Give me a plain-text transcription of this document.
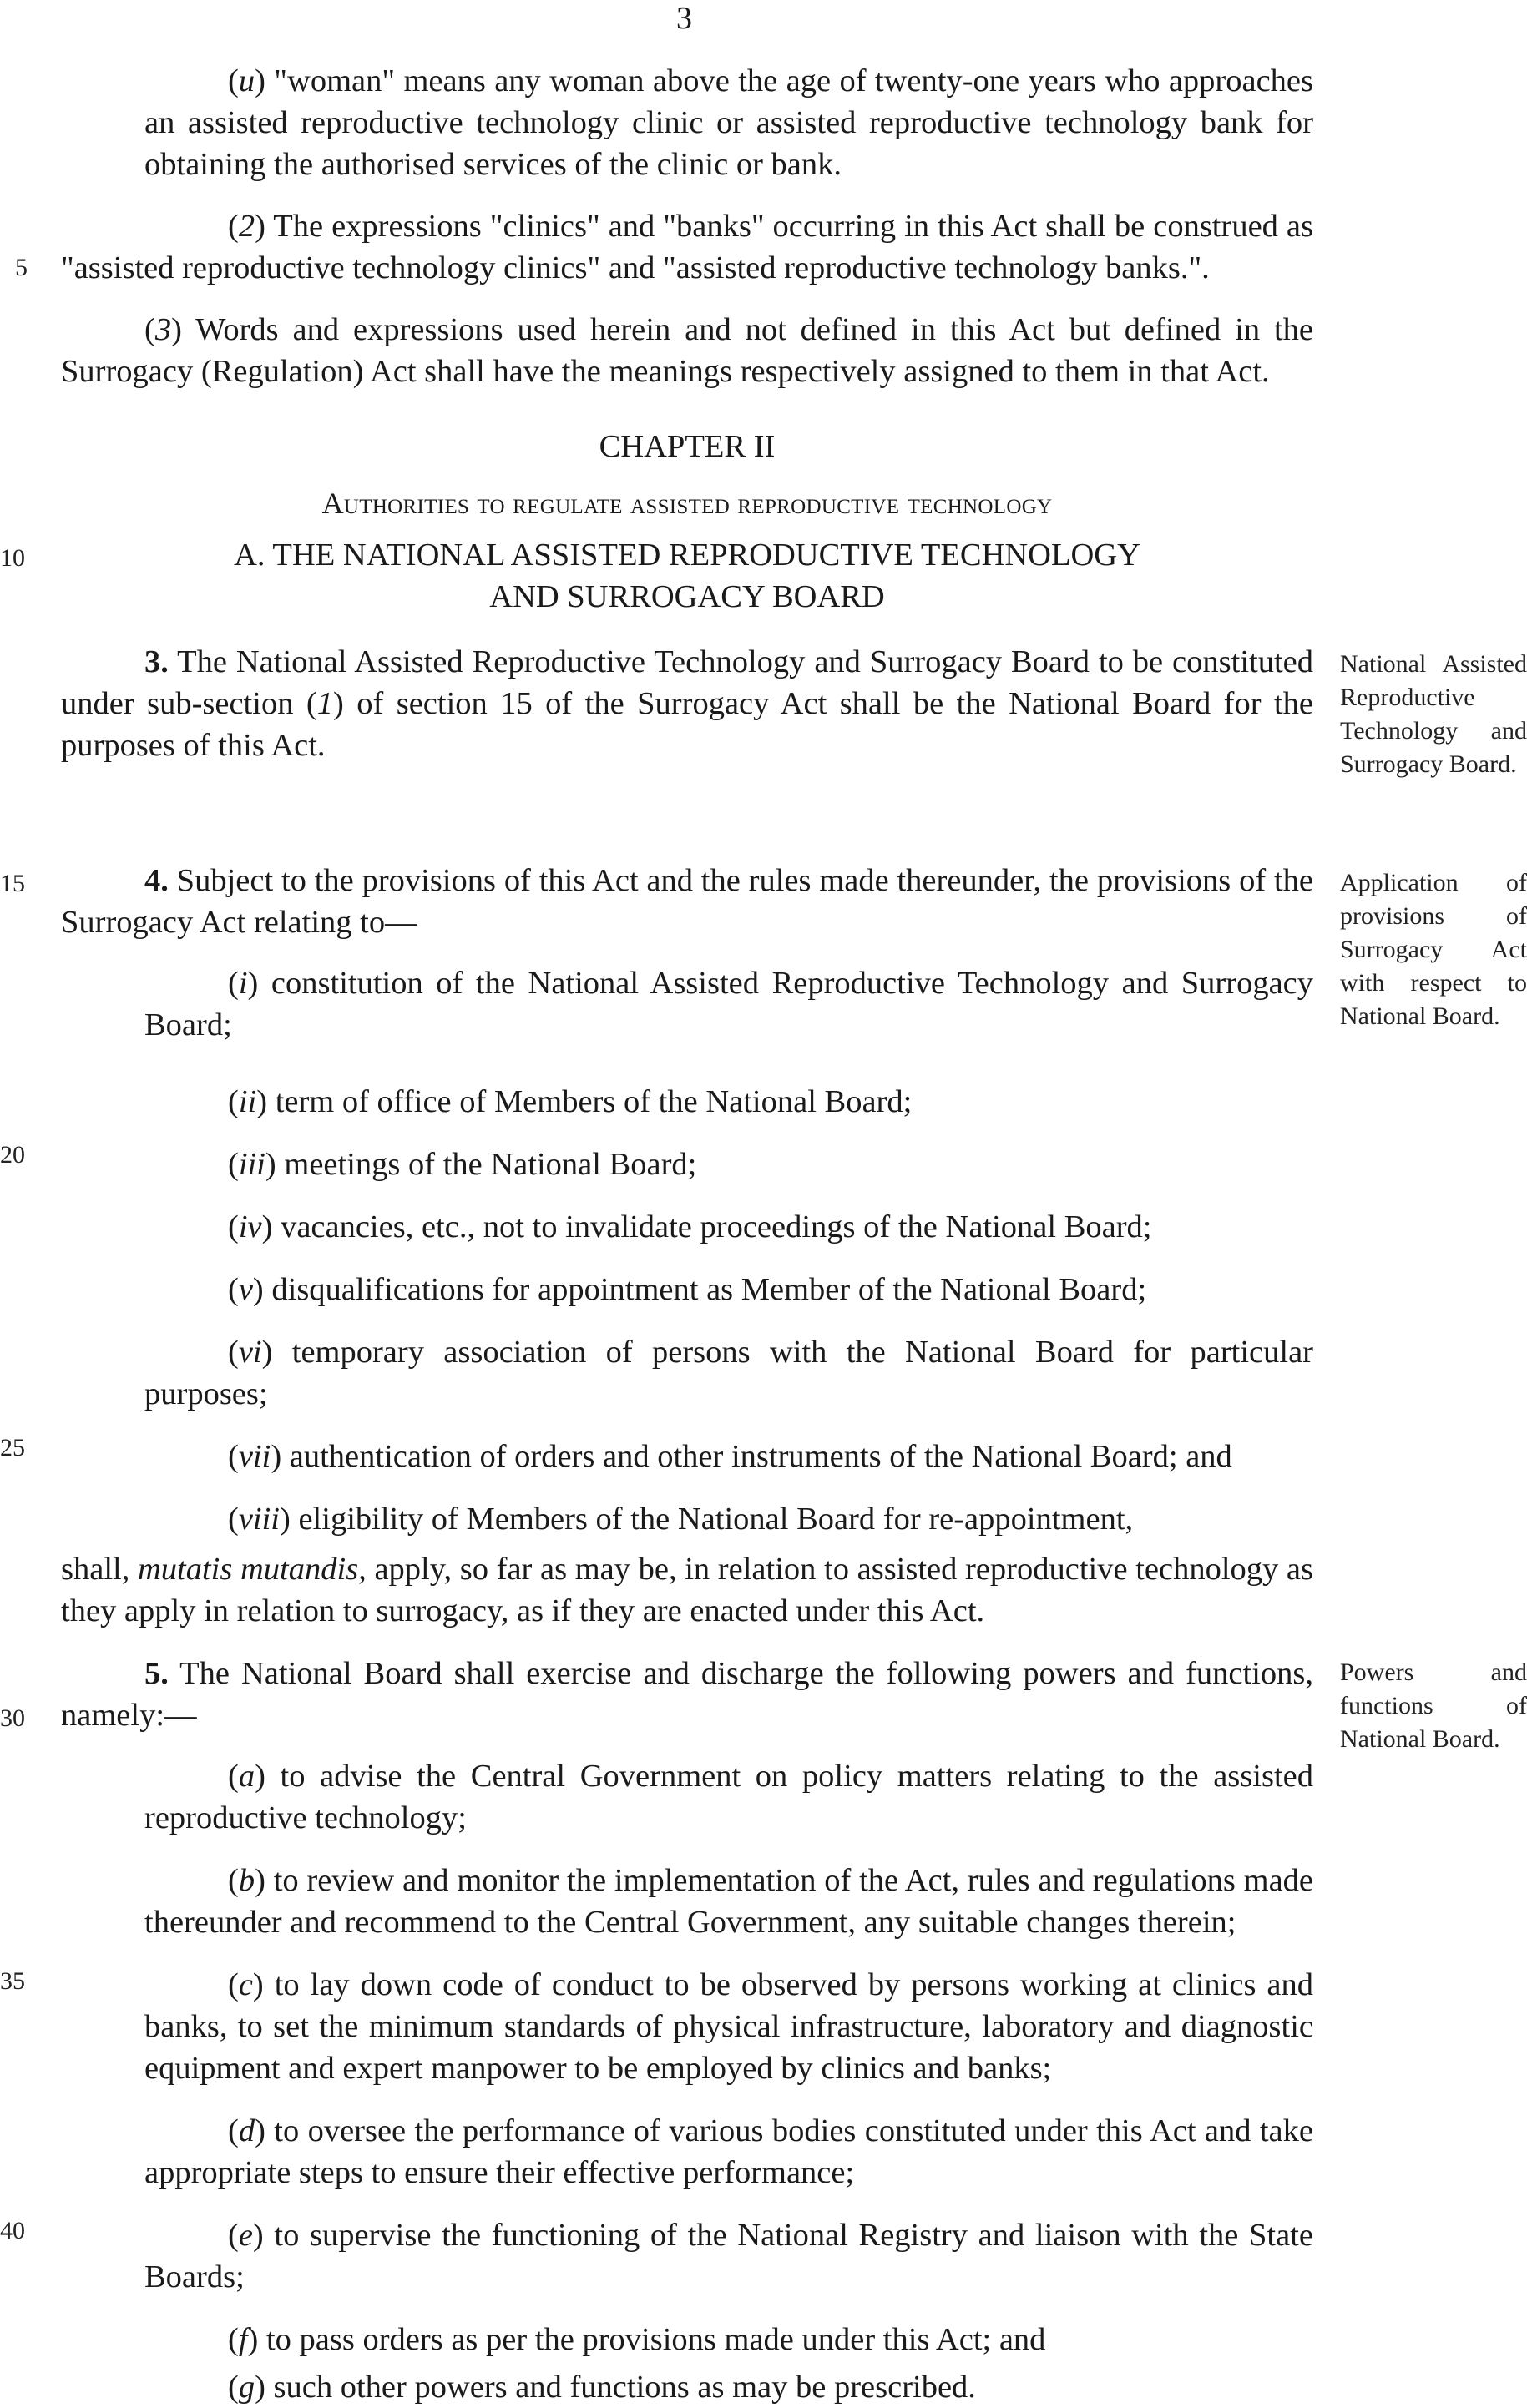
3
5
10
15
20
25
30
35
40
(u) "woman" means any woman above the age of twenty-one years who approaches an assisted reproductive technology clinic or assisted reproductive technology bank for obtaining the authorised services of the clinic or bank.
(2) The expressions "clinics" and "banks" occurring in this Act shall be construed as "assisted reproductive technology clinics" and "assisted reproductive technology banks.".
(3) Words and expressions used herein and not defined in this Act but defined in the Surrogacy (Regulation) Act shall have the meanings respectively assigned to them in that Act.
CHAPTER II
Authorities to regulate assisted reproductive technology
A. THE NATIONAL ASSISTED REPRODUCTIVE TECHNOLOGY
AND SURROGACY BOARD
3. The National Assisted Reproductive Technology and Surrogacy Board to be constituted under sub-section (1) of section 15 of the Surrogacy Act shall be the National Board for the purposes of this Act.
National Assisted Reproductive Technology and Surrogacy Board.
4. Subject to the provisions of this Act and the rules made thereunder, the provisions of the Surrogacy Act relating to—
Application of provisions of Surrogacy Act with respect to National Board.
(i) constitution of the National Assisted Reproductive Technology and Surrogacy Board;
(ii) term of office of Members of the National Board;
(iii) meetings of the National Board;
(iv) vacancies, etc., not to invalidate proceedings of the National Board;
(v) disqualifications for appointment as Member of the National Board;
(vi) temporary association of persons with the National Board for particular purposes;
(vii) authentication of orders and other instruments of the National Board; and
(viii) eligibility of Members of the National Board for re-appointment,
shall, mutatis mutandis, apply, so far as may be, in relation to assisted reproductive technology as they apply in relation to surrogacy, as if they are enacted under this Act.
5. The National Board shall exercise and discharge the following powers and functions, namely:—
Powers and functions of National Board.
(a) to advise the Central Government on policy matters relating to the assisted reproductive technology;
(b) to review and monitor the implementation of the Act, rules and regulations made thereunder and recommend to the Central Government, any suitable changes therein;
(c) to lay down code of conduct to be observed by persons working at clinics and banks, to set the minimum standards of physical infrastructure, laboratory and diagnostic equipment and expert manpower to be employed by clinics and banks;
(d) to oversee the performance of various bodies constituted under this Act and take appropriate steps to ensure their effective performance;
(e) to supervise the functioning of the National Registry and liaison with the State Boards;
(f) to pass orders as per the provisions made under this Act; and
(g) such other powers and functions as may be prescribed.
